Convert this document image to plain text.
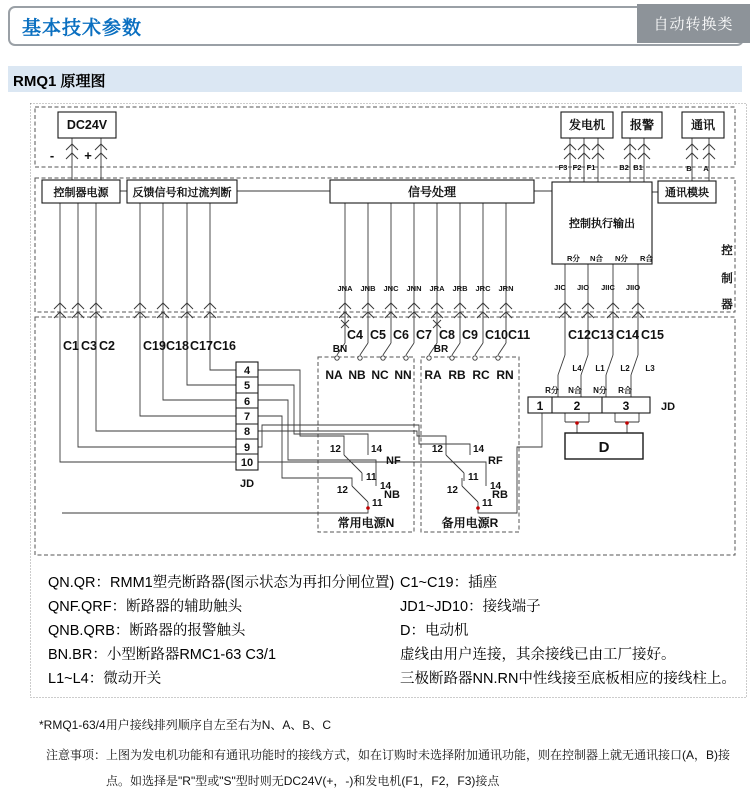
基本技术参数	自动转换类
RMQ1 原理图
DC24V	发电机 报警	通讯
控制器电源 反馈信号和过流判断	信号处理
控制执行输出
通讯模块
D
常用电源N	备用电源R
控
制
器
- +
F3 F2 F1	B2 B1	B A
R分 N合 N分 R合
JIC JIO JIIC JIIO
JNA JNB JNC JNN JRA JRB JRC JRN
C1 C3 C2 C19 C18 C17 C16
C4 C5 C6 C7 C8 C9 C10 C11	C12 C13 C14 C15
BN	BR
NA NB NC NN RA RB RC RN
4
5
6
7
8
9
10
JD
L4 L1 L2 L3
R分 N合 N分 R合
1	2	3	JD
12	14
11
NF
12	14
11
NB
12	14
11
RF
12	14
11
RB
QN.QR：RMM1塑壳断路器(图示状态为再扣分闸位置)
QNF.QRF：断路器的辅助触头
QNB.QRB：断路器的报警触头
BN.BR：小型断路器RMC1-63 C3/1
L1~L4：微动开关
C1~C19：插座
JD1~JD10：接线端子
D：电动机
虚线由用户连接，其余接线已由工厂接好。
三极断路器NN.RN中性线接至底板相应的接线柱上。
*RMQ1-63/4用户接线排列顺序自左至右为N、A、B、C
注意事项： 上图为发电机功能和有通讯功能时的接线方式，如在订购时未选择附加通讯功能，则在控制器上就无通讯接口(A，B)接点。如选择是"R"型或"S"型时则无DC24V(+，-)和发电机(F1，F2，F3)接点
